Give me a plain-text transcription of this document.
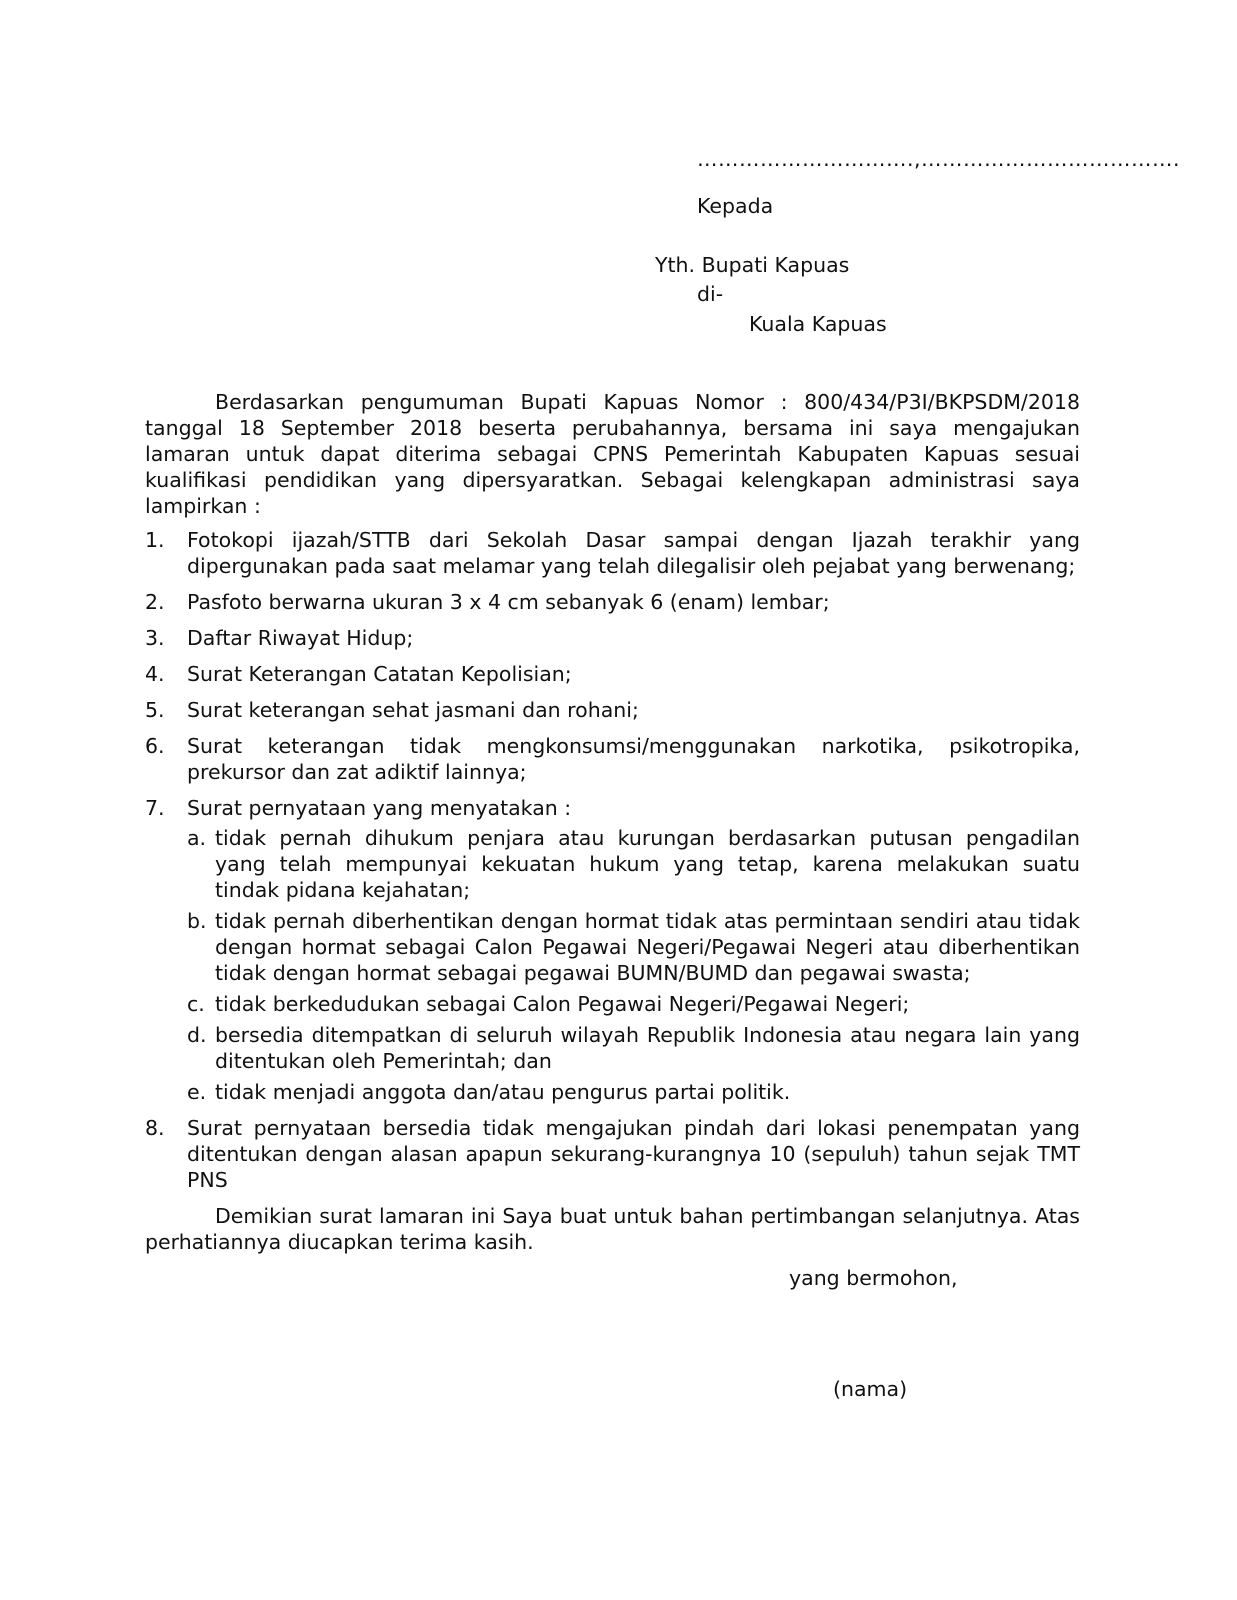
………………………….,……………………………….
Kepada
Yth. Bupati Kapuas
di-
Kuala Kapuas

Berdasarkan pengumuman Bupati Kapuas Nomor : 800/434/P3I/BKPSDM/2018 tanggal 18 September 2018 beserta perubahannya, bersama ini saya mengajukan lamaran untuk dapat diterima sebagai CPNS Pemerintah Kabupaten Kapuas sesuai kualifikasi pendidikan yang dipersyaratkan. Sebagai kelengkapan administrasi saya lampirkan :

1. Fotokopi ijazah/STTB dari Sekolah Dasar sampai dengan Ijazah terakhir yang dipergunakan pada saat melamar yang telah dilegalisir oleh pejabat yang berwenang;
2. Pasfoto berwarna ukuran 3 x 4 cm sebanyak 6 (enam) lembar;
3. Daftar Riwayat Hidup;
4. Surat Keterangan Catatan Kepolisian;
5. Surat keterangan sehat jasmani dan rohani;
6. Surat keterangan tidak mengkonsumsi/menggunakan narkotika, psikotropika, prekursor dan zat adiktif lainnya;
7. Surat pernyataan yang menyatakan :
a. tidak pernah dihukum penjara atau kurungan berdasarkan putusan pengadilan yang telah mempunyai kekuatan hukum yang tetap, karena melakukan suatu tindak pidana kejahatan;
b. tidak pernah diberhentikan dengan hormat tidak atas permintaan sendiri atau tidak dengan hormat sebagai Calon Pegawai Negeri/Pegawai Negeri atau diberhentikan tidak dengan hormat sebagai pegawai BUMN/BUMD dan pegawai swasta;
c. tidak berkedudukan sebagai Calon Pegawai Negeri/Pegawai Negeri;
d. bersedia ditempatkan di seluruh wilayah Republik Indonesia atau negara lain yang ditentukan oleh Pemerintah; dan
e. tidak menjadi anggota dan/atau pengurus partai politik.
8. Surat pernyataan bersedia tidak mengajukan pindah dari lokasi penempatan yang ditentukan dengan alasan apapun sekurang-kurangnya 10 (sepuluh) tahun sejak TMT PNS

Demikian surat lamaran ini Saya buat untuk bahan pertimbangan selanjutnya. Atas perhatiannya diucapkan terima kasih.

yang bermohon,
(nama)
